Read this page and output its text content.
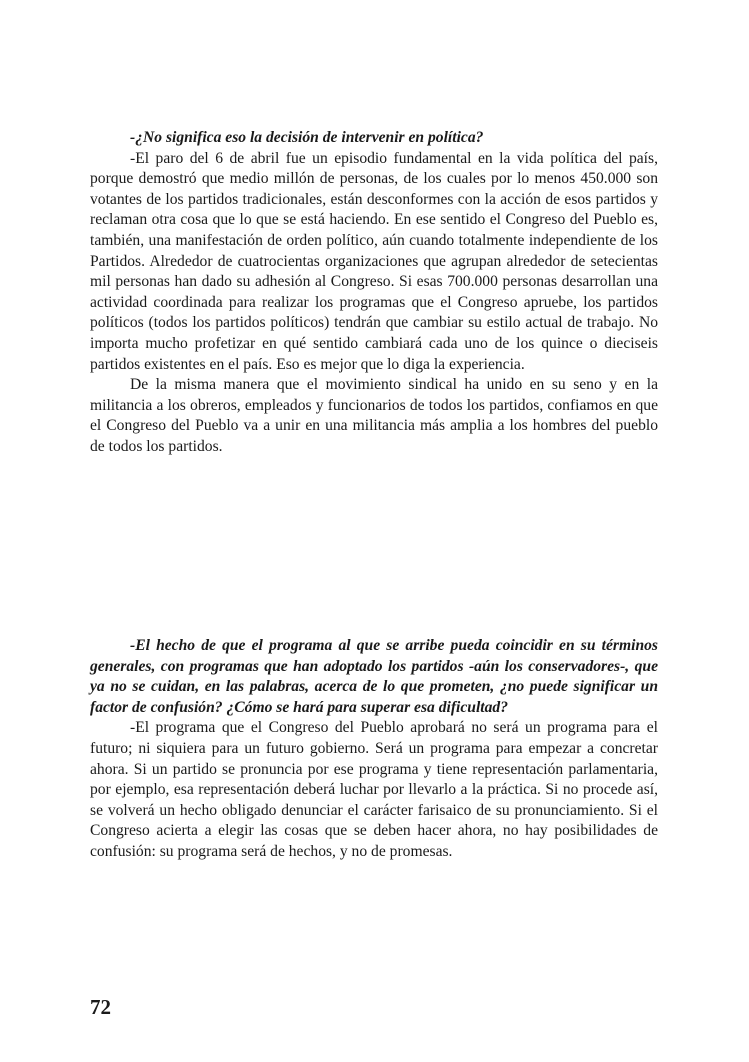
-¿No significa eso la decisión de intervenir en política?

-El paro del 6 de abril fue un episodio fundamental en la vida política del país, porque demostró que medio millón de personas, de los cuales por lo menos 450.000 son votantes de los partidos tradicionales, están desconformes con la acción de esos partidos y reclaman otra cosa que lo que se está haciendo. En ese sentido el Congreso del Pueblo es, también, una manifestación de orden político, aún cuando totalmente independiente de los Partidos. Alrededor de cuatrocientas organizaciones que agrupan alrededor de setecientas mil personas han dado su adhesión al Congreso. Si esas 700.000 personas desarrollan una actividad coordinada para realizar los programas que el Congreso apruebe, los partidos políticos (todos los partidos políticos) tendrán que cambiar su estilo actual de trabajo. No importa mucho profetizar en qué sentido cambiará cada uno de los quince o dieciseis partidos existentes en el país. Eso es mejor que lo diga la experiencia.

De la misma manera que el movimiento sindical ha unido en su seno y en la militancia a los obreros, empleados y funcionarios de todos los partidos, confiamos en que el Congreso del Pueblo va a unir en una militancia más amplia a los hombres del pueblo de todos los partidos.

-El hecho de que el programa al que se arribe pueda coincidir en su términos generales, con programas que han adoptado los partidos -aún los conservadores-, que ya no se cuidan, en las palabras, acerca de lo que prometen, ¿no puede significar un factor de confusión? ¿Cómo se hará para superar esa dificultad?

-El programa que el Congreso del Pueblo aprobará no será un programa para el futuro; ni siquiera para un futuro gobierno. Será un programa para empezar a concretar ahora. Si un partido se pronuncia por ese programa y tiene representación parlamentaria, por ejemplo, esa representación deberá luchar por llevarlo a la práctica. Si no procede así, se volverá un hecho obligado denunciar el carácter farisaico de su pronunciamiento. Si el Congreso acierta a elegir las cosas que se deben hacer ahora, no hay posibilidades de confusión: su programa será de hechos, y no de promesas.

72
